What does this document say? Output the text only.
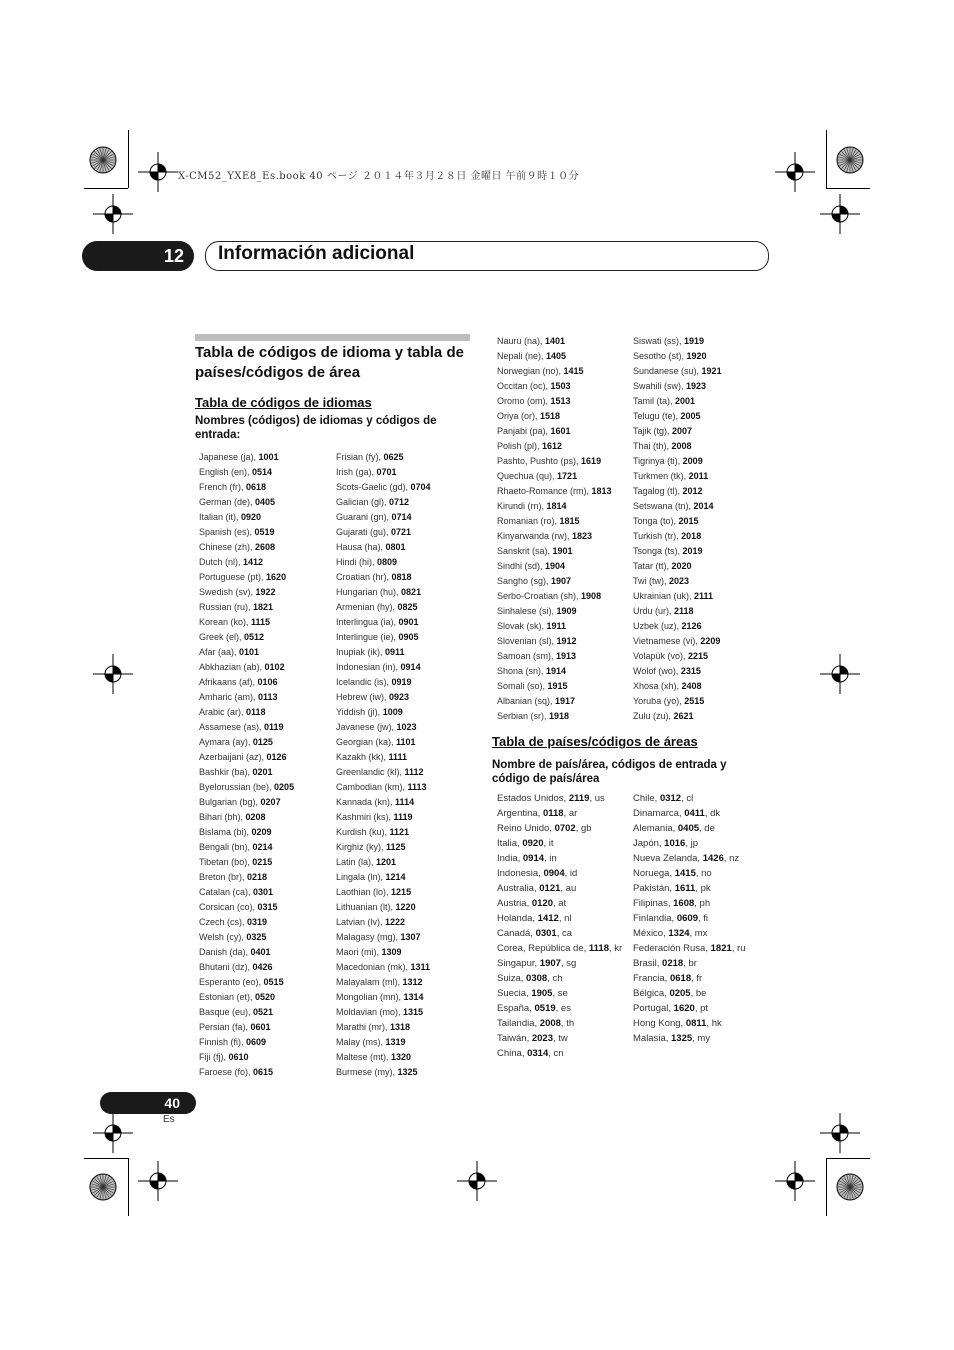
X-CM52_YXE8_Es.book 40 ページ ２０１４年３月２８日 金曜日 午前９時１０分
12	Información adicional
Tabla de códigos de idioma y tabla de países/códigos de área
Tabla de códigos de idiomas
Nombres (códigos) de idiomas y códigos de entrada:
Japanese (ja), 1001
English (en), 0514
French (fr), 0618
German (de), 0405
Italian (it), 0920
Spanish (es), 0519
Chinese (zh), 2608
Dutch (nl), 1412
Portuguese (pt), 1620
Swedish (sv), 1922
Russian (ru), 1821
Korean (ko), 1115
Greek (el), 0512
Afar (aa), 0101
Abkhazian (ab), 0102
Afrikaans (af), 0106
Amharic (am), 0113
Arabic (ar), 0118
Assamese (as), 0119
Aymara (ay), 0125
Azerbaijani (az), 0126
Bashkir (ba), 0201
Byelorussian (be), 0205
Bulgarian (bg), 0207
Bihari (bh), 0208
Bislama (bi), 0209
Bengali (bn), 0214
Tibetan (bo), 0215
Breton (br), 0218
Catalan (ca), 0301
Corsican (co), 0315
Czech (cs), 0319
Welsh (cy), 0325
Danish (da), 0401
Bhutani (dz), 0426
Esperanto (eo), 0515
Estonian (et), 0520
Basque (eu), 0521
Persian (fa), 0601
Finnish (fi), 0609
Fiji (fj), 0610
Faroese (fo), 0615
Frisian (fy), 0625
Irish (ga), 0701
Scots-Gaelic (gd), 0704
Galician (gl), 0712
Guarani (gn), 0714
Gujarati (gu), 0721
Hausa (ha), 0801
Hindi (hi), 0809
Croatian (hr), 0818
Hungarian (hu), 0821
Armenian (hy), 0825
Interlingua (ia), 0901
Interlingue (ie), 0905
Inupiak (ik), 0911
Indonesian (in), 0914
Icelandic (is), 0919
Hebrew (iw), 0923
Yiddish (ji), 1009
Javanese (jw), 1023
Georgian (ka), 1101
Kazakh (kk), 1111
Greenlandic (kl), 1112
Cambodian (km), 1113
Kannada (kn), 1114
Kashmiri (ks), 1119
Kurdish (ku), 1121
Kirghiz (ky), 1125
Latin (la), 1201
Lingala (ln), 1214
Laothian (lo), 1215
Lithuanian (lt), 1220
Latvian (lv), 1222
Malagasy (mg), 1307
Maori (mi), 1309
Macedonian (mk), 1311
Malayalam (ml), 1312
Mongolian (mn), 1314
Moldavian (mo), 1315
Marathi (mr), 1318
Malay (ms), 1319
Maltese (mt), 1320
Burmese (my), 1325
Nauru (na), 1401
Nepali (ne), 1405
Norwegian (no), 1415
Occitan (oc), 1503
Oromo (om), 1513
Oriya (or), 1518
Panjabi (pa), 1601
Polish (pl), 1612
Pashto, Pushto (ps), 1619
Quechua (qu), 1721
Rhaeto-Romance (rm), 1813
Kirundi (rn), 1814
Romanian (ro), 1815
Kinyarwanda (rw), 1823
Sanskrit (sa), 1901
Sindhi (sd), 1904
Sangho (sg), 1907
Serbo-Croatian (sh), 1908
Sinhalese (si), 1909
Slovak (sk), 1911
Slovenian (sl), 1912
Samoan (sm), 1913
Shona (sn), 1914
Somali (so), 1915
Albanian (sq), 1917
Serbian (sr), 1918
Siswati (ss), 1919
Sesotho (st), 1920
Sundanese (su), 1921
Swahili (sw), 1923
Tamil (ta), 2001
Telugu (te), 2005
Tajik (tg), 2007
Thai (th), 2008
Tigrinya (ti), 2009
Turkmen (tk), 2011
Tagalog (tl), 2012
Setswana (tn), 2014
Tonga (to), 2015
Turkish (tr), 2018
Tsonga (ts), 2019
Tatar (tt), 2020
Twi (tw), 2023
Ukrainian (uk), 2111
Urdu (ur), 2118
Uzbek (uz), 2126
Vietnamese (vi), 2209
Volapük (vo), 2215
Wolof (wo), 2315
Xhosa (xh), 2408
Yoruba (yo), 2515
Zulu (zu), 2621
Tabla de países/códigos de áreas
Nombre de país/área, códigos de entrada y código de país/área
Estados Unidos, 2119, us
Argentina, 0118, ar
Reino Unido, 0702, gb
Italia, 0920, it
India, 0914, in
Indonesia, 0904, id
Australia, 0121, au
Austria, 0120, at
Holanda, 1412, nl
Canadá, 0301, ca
Corea, República de, 1118, kr
Singapur, 1907, sg
Suiza, 0308, ch
Suecia, 1905, se
España, 0519, es
Tailandia, 2008, th
Taiwán, 2023, tw
China, 0314, cn
Chile, 0312, cl
Dinamarca, 0411, dk
Alemania, 0405, de
Japón, 1016, jp
Nueva Zelanda, 1426, nz
Noruega, 1415, no
Pakistán, 1611, pk
Filipinas, 1608, ph
Finlandia, 0609, fi
México, 1324, mx
Federación Rusa, 1821, ru
Brasil, 0218, br
Francia, 0618, fr
Bélgica, 0205, be
Portugal, 1620, pt
Hong Kong, 0811, hk
Malasia, 1325, my
40
Es
